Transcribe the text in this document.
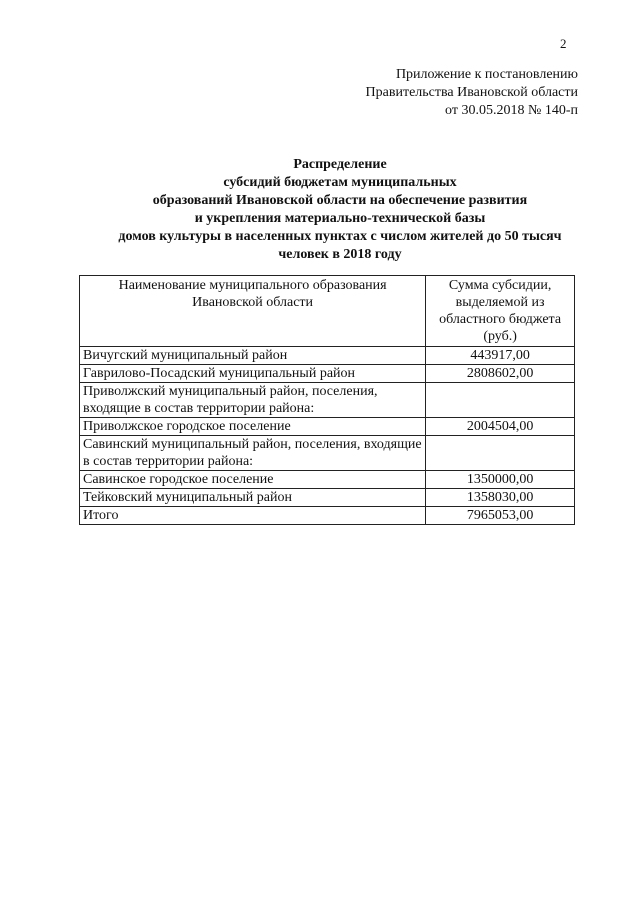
2
Приложение к постановлению
Правительства Ивановской области
от 30.05.2018 № 140-п
Распределение
субсидий бюджетам муниципальных
образований Ивановской области на обеспечение развития
и укрепления материально-технической базы
домов культуры в населенных пунктах с числом жителей до 50 тысяч
человек в 2018 году
Наименование муниципального образования Ивановской области	Сумма субсидии, выделяемой из областного бюджета (руб.)
Вичугский муниципальный район	443917,00
Гаврилово-Посадский муниципальный район	2808602,00
Приволжский муниципальный район, поселения, входящие в состав территории района:	
Приволжское городское поселение	2004504,00
Савинский муниципальный район, поселения, входящие в состав территории района:	
Савинское городское поселение	1350000,00
Тейковский муниципальный район	1358030,00
Итого	7965053,00
